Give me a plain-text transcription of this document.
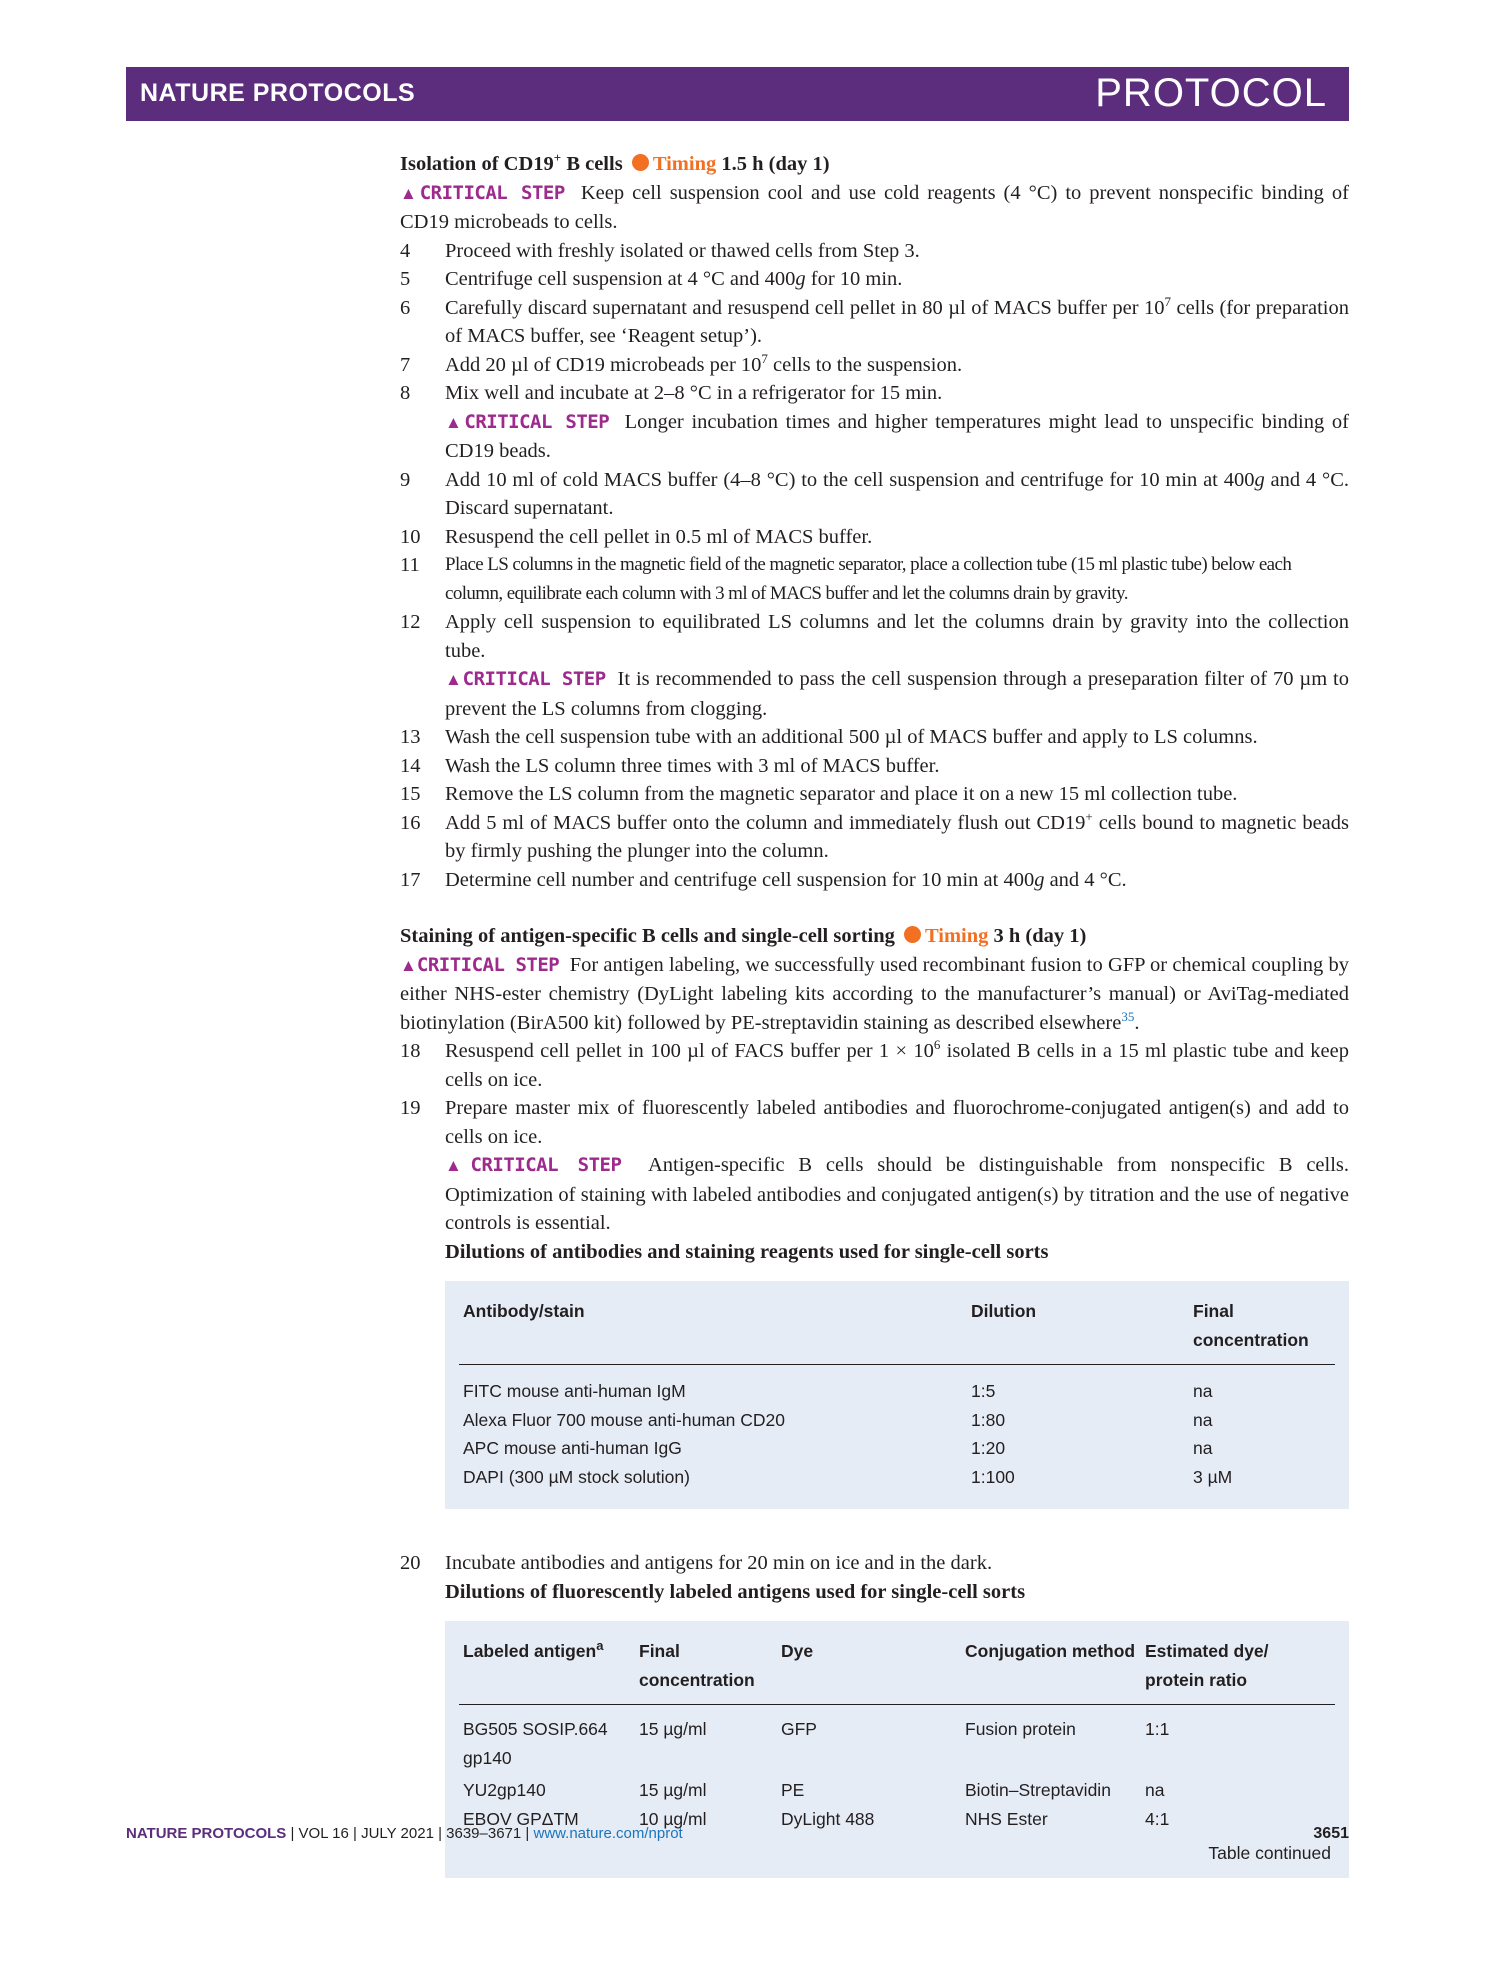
NATURE PROTOCOLS	PROTOCOL
Isolation of CD19+ B cells Timing 1.5 h (day 1)
▲CRITICAL STEP Keep cell suspension cool and use cold reagents (4 °C) to prevent nonspecific binding of CD19 microbeads to cells.
4 Proceed with freshly isolated or thawed cells from Step 3.
5 Centrifuge cell suspension at 4 °C and 400g for 10 min.
6 Carefully discard supernatant and resuspend cell pellet in 80 µl of MACS buffer per $10^7$ cells (for preparation of MACS buffer, see ‘Reagent setup’).
7 Add 20 µl of CD19 microbeads per $10^7$ cells to the suspension.
8 Mix well and incubate at 2–8 °C in a refrigerator for 15 min.
▲CRITICAL STEP Longer incubation times and higher temperatures might lead to unspecific binding of CD19 beads.
9 Add 10 ml of cold MACS buffer (4–8 °C) to the cell suspension and centrifuge for 10 min at 400g and 4 °C. Discard supernatant.
10 Resuspend the cell pellet in 0.5 ml of MACS buffer.
11 Place LS columns in the magnetic field of the magnetic separator, place a collection tube (15 ml plastic tube) below each column, equilibrate each column with 3 ml of MACS buffer and let the columns drain by gravity.
12 Apply cell suspension to equilibrated LS columns and let the columns drain by gravity into the collection tube.
▲CRITICAL STEP It is recommended to pass the cell suspension through a preseparation filter of 70 µm to prevent the LS columns from clogging.
13 Wash the cell suspension tube with an additional 500 µl of MACS buffer and apply to LS columns.
14 Wash the LS column three times with 3 ml of MACS buffer.
15 Remove the LS column from the magnetic separator and place it on a new 15 ml collection tube.
16 Add 5 ml of MACS buffer onto the column and immediately flush out CD19+ cells bound to magnetic beads by firmly pushing the plunger into the column.
17 Determine cell number and centrifuge cell suspension for 10 min at 400g and 4 °C.
Staining of antigen-specific B cells and single-cell sorting Timing 3 h (day 1)
▲CRITICAL STEP For antigen labeling, we successfully used recombinant fusion to GFP or chemical coupling by either NHS-ester chemistry (DyLight labeling kits according to the manufacturer’s manual) or AviTag-mediated biotinylation (BirA500 kit) followed by PE-streptavidin staining as described elsewhere$^{35}$.
18 Resuspend cell pellet in 100 µl of FACS buffer per $1 \times 10^6$ isolated B cells in a 15 ml plastic tube and keep cells on ice.
19 Prepare master mix of fluorescently labeled antibodies and fluorochrome-conjugated antigen(s) and add to cells on ice.
▲CRITICAL STEP Antigen-specific B cells should be distinguishable from nonspecific B cells. Optimization of staining with labeled antibodies and conjugated antigen(s) by titration and the use of negative controls is essential.
Dilutions of antibodies and staining reagents used for single-cell sorts
Antibody/stain	Dilution	Final concentration

FITC mouse anti-human IgM	1:5	na
Alexa Fluor 700 mouse anti-human CD20	1:80	na
APC mouse anti-human IgG	1:20	na
DAPI (300 µM stock solution)	1:100	3 µM
20 Incubate antibodies and antigens for 20 min on ice and in the dark.
Dilutions of fluorescently labeled antigens used for single-cell sorts
Labeled antigen$^a$	Final concentration	Dye	Conjugation method	Estimated dye/ protein ratio

BG505 SOSIP.664 gp140	15 µg/ml	GFP	Fusion protein	1:1
YU2gp140	15 µg/ml	PE	Biotin–Streptavidin	na
EBOV GPΔTM	10 µg/ml	DyLight 488	NHS Ester	4:1
Table continued				
NATURE PROTOCOLS | VOL 16 | JULY 2021 | 3639–3671 | www.nature.com/nprot	3651
